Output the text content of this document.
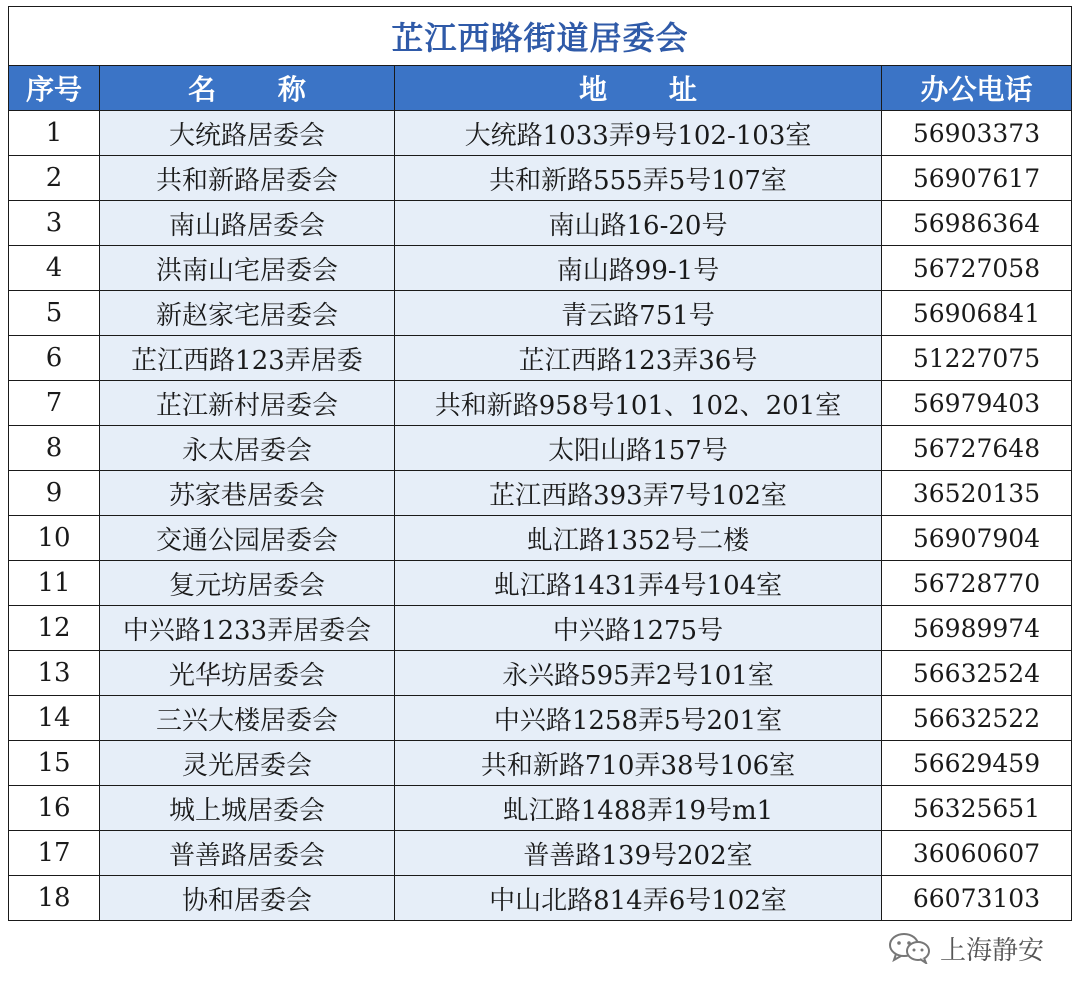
芷江西路街道居委会			
序号	名 称	地 址	办公电话
1	大统路居委会	大统路1033弄9号102-103室	56903373
2	共和新路居委会	共和新路555弄5号107室	56907617
3	南山路居委会	南山路16-20号	56986364
4	洪南山宅居委会	南山路99-1号	56727058
5	新赵家宅居委会	青云路751号	56906841
6	芷江西路123弄居委	芷江西路123弄36号	51227075
7	芷江新村居委会	共和新路958号101、102、201室	56979403
8	永太居委会	太阳山路157号	56727648
9	苏家巷居委会	芷江西路393弄7号102室	36520135
10	交通公园居委会	虬江路1352号二楼	56907904
11	复元坊居委会	虬江路1431弄4号104室	56728770
12	中兴路1233弄居委会	中兴路1275号	56989974
13	光华坊居委会	永兴路595弄2号101室	56632524
14	三兴大楼居委会	中兴路1258弄5号201室	56632522
15	灵光居委会	共和新路710弄38号106室	56629459
16	城上城居委会	虬江路1488弄19号m1	56325651
17	普善路居委会	普善路139号202室	36060607
18	协和居委会	中山北路814弄6号102室	66073103
上海静安
